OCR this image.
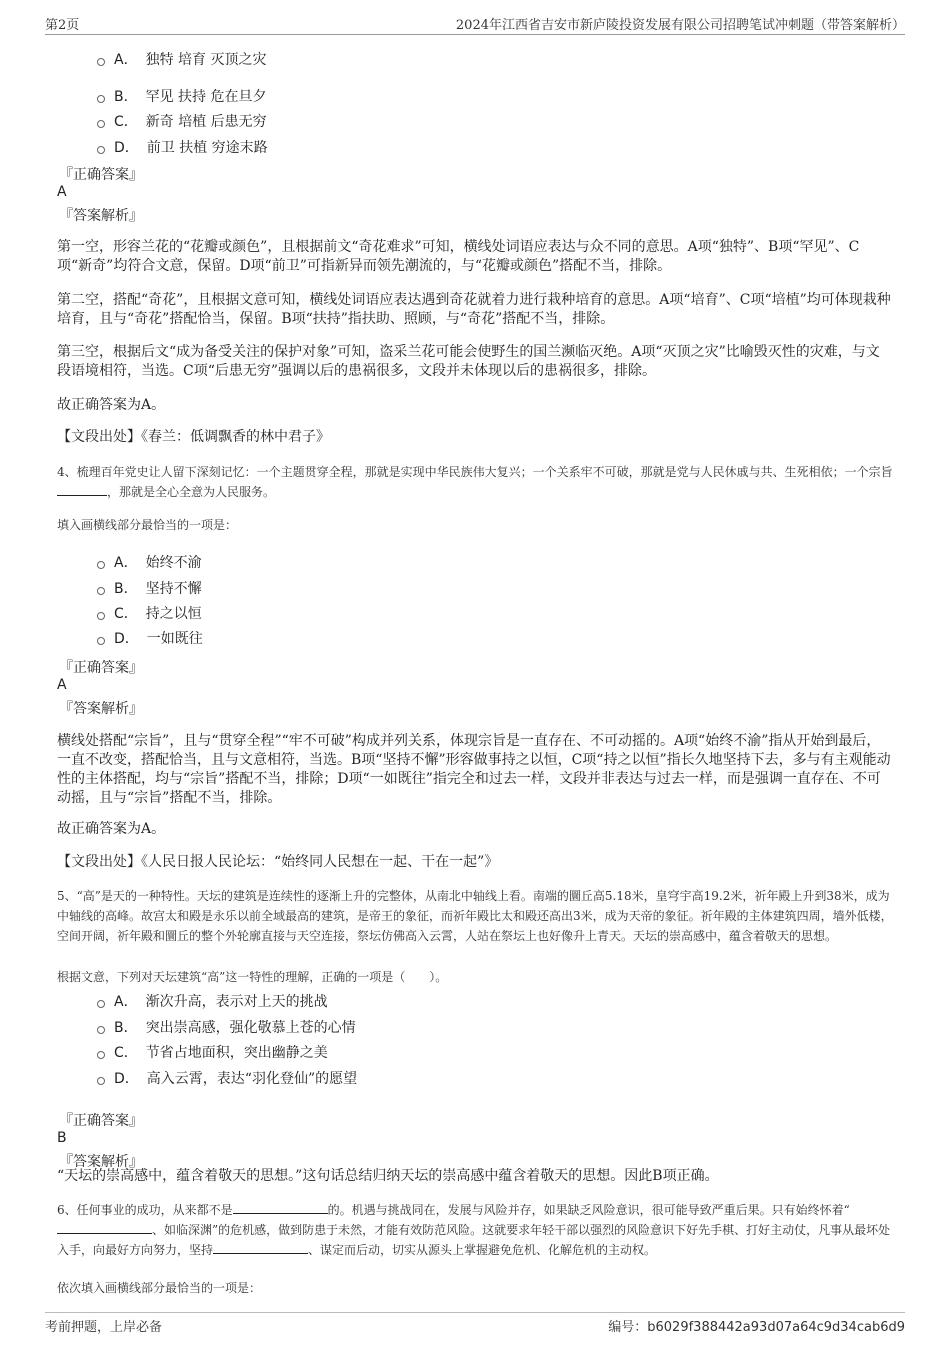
第2页	2024年江西省吉安市新庐陵投资发展有限公司招聘笔试冲刺题（带答案解析）
A． 独特 培育 灭顶之灾
B． 罕见 扶持 危在旦夕
C． 新奇 培植 后患无穷
D． 前卫 扶植 穷途末路
『正确答案』
A
『答案解析』
第一空，形容兰花的“花瓣或颜色”，且根据前文“奇花难求”可知，横线处词语应表达与众不同的意思。A项“独特”、B项“罕见”、C项“新奇”均符合文意，保留。D项“前卫”可指新异而领先潮流的，与“花瓣或颜色”搭配不当，排除。
第二空，搭配“奇花”，且根据文意可知，横线处词语应表达遇到奇花就着力进行栽种培育的意思。A项“培育”、C项“培植”均可体现栽种培育，且与“奇花”搭配恰当，保留。B项“扶持”指扶助、照顾，与“奇花”搭配不当，排除。
第三空，根据后文“成为备受关注的保护对象”可知，盗采兰花可能会使野生的国兰濒临灭绝。A项“灭顶之灾”比喻毁灭性的灾难，与文段语境相符，当选。C项“后患无穷”强调以后的患祸很多，文段并未体现以后的患祸很多，排除。
故正确答案为A。
【文段出处】《春兰：低调飘香的林中君子》
4、梳理百年党史让人留下深刻记忆：一个主题贯穿全程，那就是实现中华民族伟大复兴；一个关系牢不可破，那就是党与人民休戚与共、生死相依；一个宗旨，那就是全心全意为人民服务。
填入画横线部分最恰当的一项是：
A． 始终不渝
B． 坚持不懈
C． 持之以恒
D． 一如既往
『正确答案』
A
『答案解析』
横线处搭配“宗旨”，且与“贯穿全程”“牢不可破”构成并列关系，体现宗旨是一直存在、不可动摇的。A项“始终不渝”指从开始到最后，一直不改变，搭配恰当，且与文意相符，当选。B项“坚持不懈”形容做事持之以恒，C项“持之以恒”指长久地坚持下去，多与有主观能动性的主体搭配，均与“宗旨”搭配不当，排除；D项“一如既往”指完全和过去一样，文段并非表达与过去一样，而是强调一直存在、不可动摇，且与“宗旨”搭配不当，排除。
故正确答案为A。
【文段出处】《人民日报人民论坛：“始终同人民想在一起、干在一起”》
5、“高”是天的一种特性。天坛的建筑是连续性的逐渐上升的完整体，从南北中轴线上看。南端的圜丘高5.18米，皇穹宇高19.2米，祈年殿上升到38米，成为中轴线的高峰。故宫太和殿是永乐以前全域最高的建筑，是帝王的象征，而祈年殿比太和殿还高出3米，成为天帝的象征。祈年殿的主体建筑四周，墙外低楼，空间开阔，祈年殿和圜丘的整个外轮廓直接与天空连接，祭坛仿佛高入云霄，人站在祭坛上也好像升上青天。天坛的崇高感中，蕴含着敬天的思想。
根据文意，下列对天坛建筑“高”这一特性的理解，正确的一项是（　　）。
A． 渐次升高，表示对上天的挑战
B． 突出崇高感，强化敬慕上苍的心情
C． 节省占地面积，突出幽静之美
D． 高入云霄，表达“羽化登仙”的愿望
『正确答案』
B
『答案解析』
“天坛的崇高感中，蕴含着敬天的思想。”这句话总结归纳天坛的崇高感中蕴含着敬天的思想。因此B项正确。
6、任何事业的成功，从来都不是	的。机遇与挑战同在，发展与风险并存，如果缺乏风险意识，很可能导致严重后果。只有始终怀着“、如临深渊”的危机感，做到防患于未然，才能有效防范风险。这就要求年轻干部以强烈的风险意识下好先手棋、打好主动仗，凡事从最坏处入手，向最好方向努力，坚持	、谋定而后动，切实从源头上掌握避免危机、化解危机的主动权。
依次填入画横线部分最恰当的一项是：
考前押题，上岸必备	编号：b6029f388442a93d07a64c9d34cab6d9
